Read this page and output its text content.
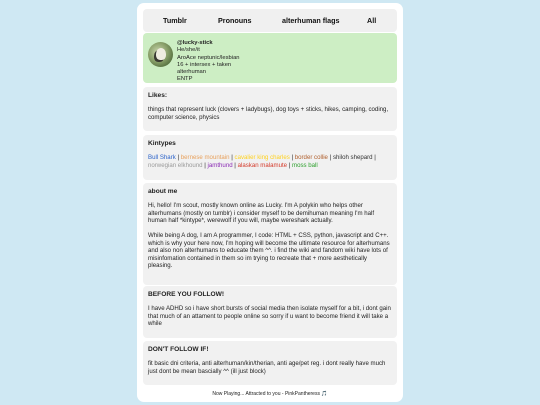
Tumblr	Pronouns	alterhuman flags	All
@lucky-stick
He/she/it
AroAce neptunic/lesbian
16 + intersex + taken
alterhuman
ENTP
Likes:
things that represent luck (clovers + ladybugs), dog toys + sticks, hikes, camping, coding, computer science, physics
Kintypes
Bull Shark | bernese mountain | cavalier king charles | border collie | shiloh shepard | norwegian elkhound | jamthund | alaskan malamute | moss ball
about me
Hi, hello! I'm scout, mostly known online as Lucky. I'm A polykin who helps other alterhumans (mostly on tumblr) i consider myself to be demihuman meaning I'm half human half *kintype*, werewolf if you will, maybe wereshark actually.
While being A dog, I am A programmer, I code: HTML + CSS, python, javascript and C++. which is why your here now, I'm hoping will become the ultimate resource for alterhumans and also non alterhumans to educate them ^^. i find the wiki and fandom wiki have lots of misinfomation contained in them so im trying to recreate that + more aesthetically pleasing.
BEFORE YOU FOLLOW!
I have ADHD so i have short bursts of social media then isolate myself for a bit, i dont gain that much of an attament to people online so sorry if u want to become friend it will take a while
DON'T FOLLOW IF!
fit basic dni criteria, anti alterhuman/kin/therian, anti age/pet reg. i dont really have much just dont be mean bascially ^^ (ill just block)
Now Playing... Attracted to you - PinkPantheress 🎵
